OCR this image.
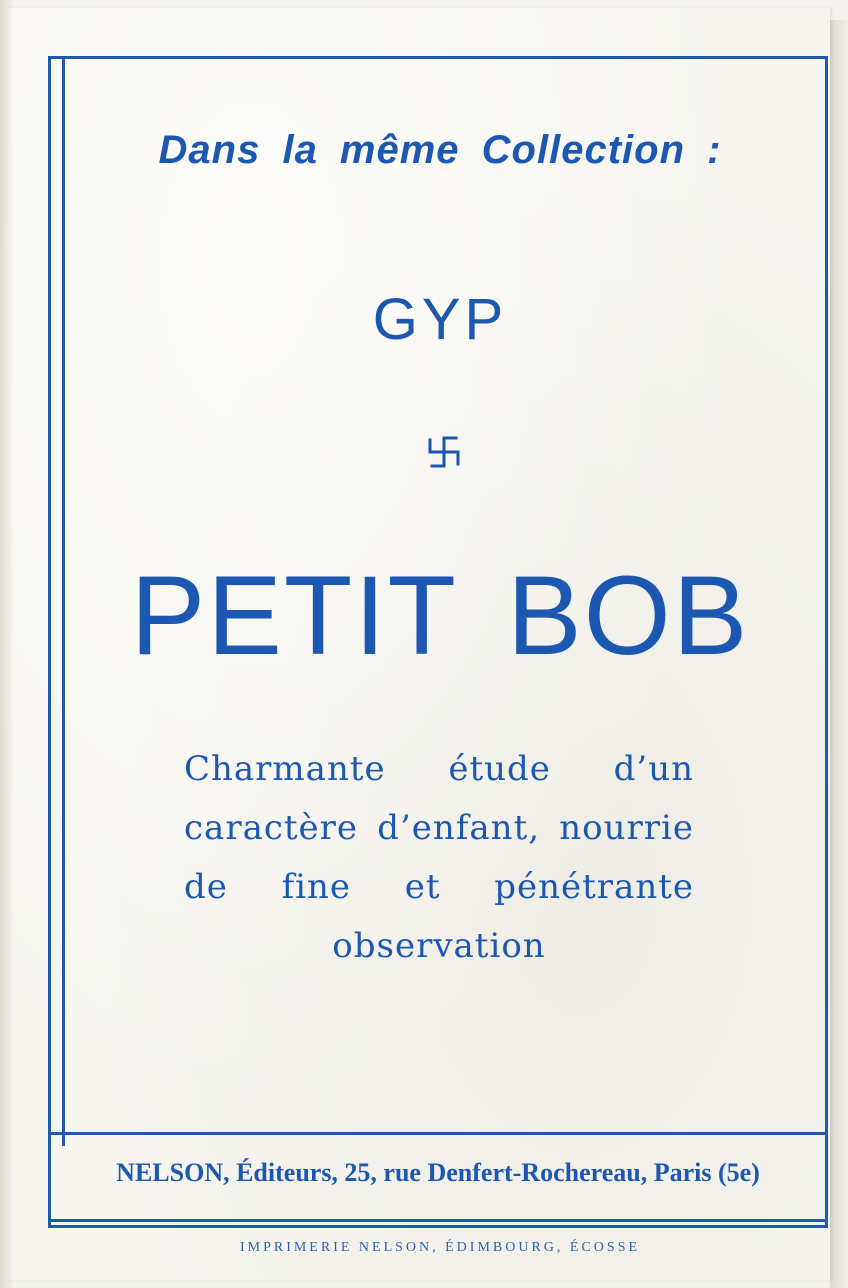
Dans la même Collection :
GYP
PETIT BOB
Charmante étude d’un caractère d’enfant, nourrie de fine et pénétrante observation
NELSON, Éditeurs, 25, rue Denfert-Rochereau, Paris (5e)
IMPRIMERIE NELSON, ÉDIMBOURG, ÉCOSSE
